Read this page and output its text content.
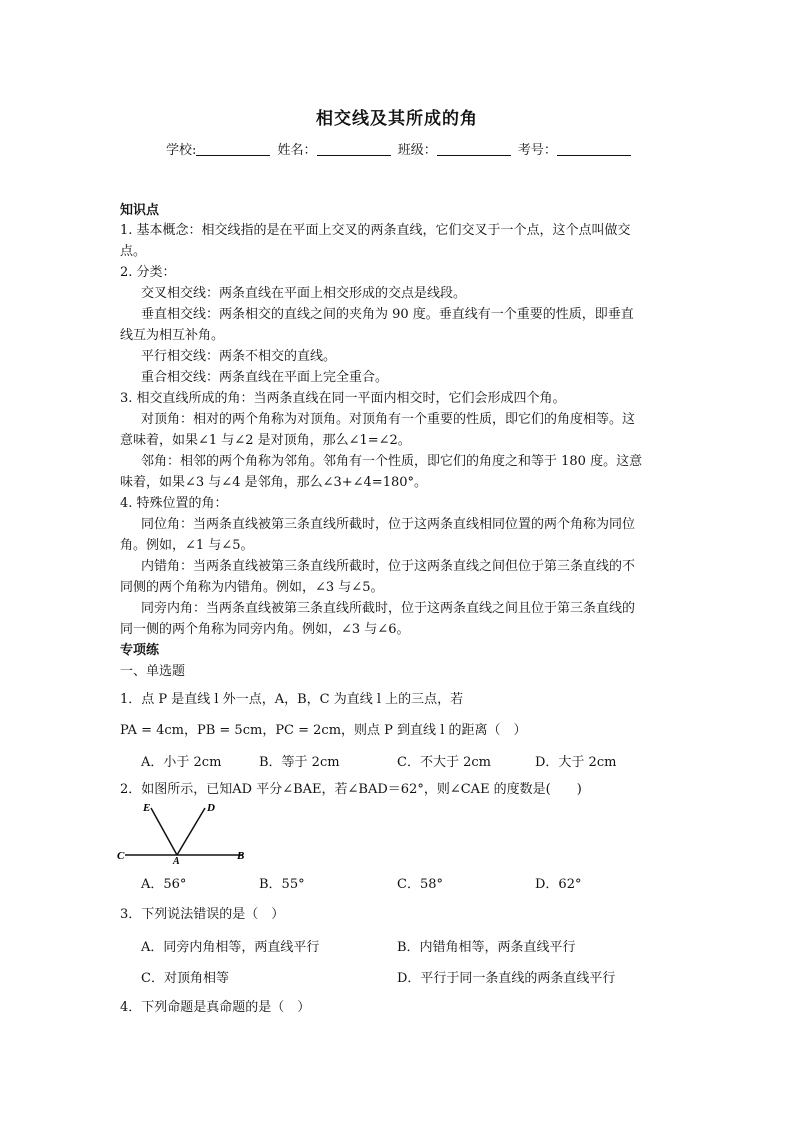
相交线及其所成的角
学校:	姓名：	班级：	考号：
知识点
1. 基本概念：相交线指的是在平面上交叉的两条直线，它们交叉于一个点，这个点叫做交
点。
2. 分类：
交叉相交线：两条直线在平面上相交形成的交点是线段。
垂直相交线：两条相交的直线之间的夹角为 90 度。垂直线有一个重要的性质，即垂直
线互为相互补角。
平行相交线：两条不相交的直线。
重合相交线：两条直线在平面上完全重合。
3. 相交直线所成的角：当两条直线在同一平面内相交时，它们会形成四个角。
对顶角：相对的两个角称为对顶角。对顶角有一个重要的性质，即它们的角度相等。这
意味着，如果∠1 与∠2 是对顶角，那么∠1=∠2。
邻角：相邻的两个角称为邻角。邻角有一个性质，即它们的角度之和等于 180 度。这意
味着，如果∠3 与∠4 是邻角，那么∠3+∠4=180°。
4. 特殊位置的角：
同位角：当两条直线被第三条直线所截时，位于这两条直线相同位置的两个角称为同位
角。例如，∠1 与∠5。
内错角：当两条直线被第三条直线所截时，位于这两条直线之间但位于第三条直线的不
同侧的两个角称为内错角。例如，∠3 与∠5。
同旁内角：当两条直线被第三条直线所截时，位于这两条直线之间且位于第三条直线的
同一侧的两个角称为同旁内角。例如，∠3 与∠6。
专项练
一、单选题
1．点 P 是直线 l 外一点，A，B，C 为直线 l 上的三点，若
PA = 4cm，PB = 5cm，PC = 2cm，则点 P 到直线 l 的距离（　）
A．小于 2cm	B．等于 2cm	C．不大于 2cm	D．大于 2cm
2．如图所示，已知AD 平分∠BAE，若∠BAD＝62°，则∠CAE 的度数是(　　)
E	D
C	A	B
A．56°	B．55°	C．58°	D．62°
3．下列说法错误的是（　）
A．同旁内角相等，两直线平行	B．内错角相等，两条直线平行
C．对顶角相等	D．平行于同一条直线的两条直线平行
4．下列命题是真命题的是（　）
